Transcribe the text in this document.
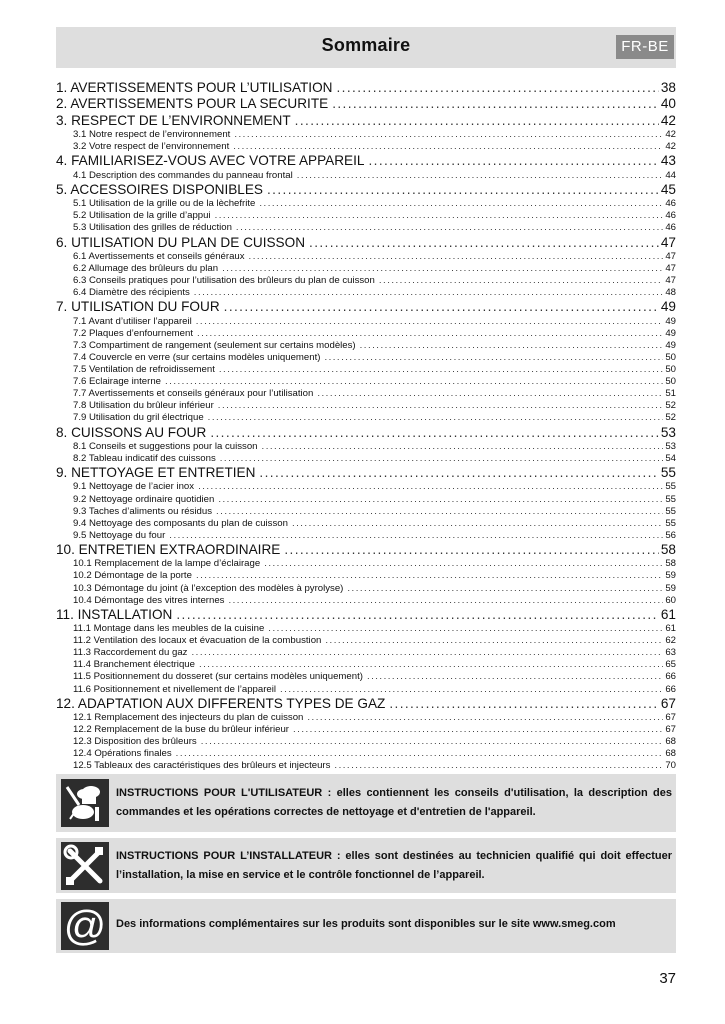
Sommaire	FR-BE
1. AVERTISSEMENTS POUR L’UTILISATION .....	38
2. AVERTISSEMENTS POUR LA SECURITE .....	40
3. RESPECT DE L’ENVIRONNEMENT .....	42
3.1 Notre respect de l’environnement .....	42
3.2 Votre respect de l’environnement .....	42
4. FAMILIARISEZ-VOUS AVEC VOTRE APPAREIL .....	43
4.1 Description des commandes du panneau frontal .....	44
5. ACCESSOIRES DISPONIBLES .....	45
5.1 Utilisation de la grille ou de la lèchefrite .....	46
5.2 Utilisation de la grille d’appui .....	46
5.3 Utilisation des grilles de réduction .....	46
6. UTILISATION DU PLAN DE CUISSON .....	47
6.1 Avertissements et conseils généraux .....	47
6.2 Allumage des brûleurs du plan .....	47
6.3 Conseils pratiques pour l’utilisation des brûleurs du plan de cuisson .....	47
6.4 Diamètre des récipients .....	48
7. UTILISATION DU FOUR .....	49
7.1 Avant d’utiliser l’appareil .....	49
7.2 Plaques d’enfournement .....	49
7.3 Compartiment de rangement (seulement sur certains modèles) .....	49
7.4 Couvercle en verre (sur certains modèles uniquement) .....	50
7.5 Ventilation de refroidissement .....	50
7.6 Eclairage interne .....	50
7.7 Avertissements et conseils généraux pour l’utilisation .....	51
7.8 Utilisation du brûleur inférieur .....	52
7.9 Utilisation du gril électrique .....	52
8. CUISSONS AU FOUR .....	53
8.1 Conseils et suggestions pour la cuisson .....	53
8.2 Tableau indicatif des cuissons .....	54
9. NETTOYAGE ET ENTRETIEN .....	55
9.1 Nettoyage de l’acier inox .....	55
9.2 Nettoyage ordinaire quotidien .....	55
9.3 Taches d’aliments ou résidus .....	55
9.4 Nettoyage des composants du plan de cuisson .....	55
9.5 Nettoyage du four .....	56
10. ENTRETIEN EXTRAORDINAIRE .....	58
10.1 Remplacement de la lampe d’éclairage .....	58
10.2 Démontage de la porte .....	59
10.3 Démontage du joint (à l’exception des modèles à pyrolyse) .....	59
10.4 Démontage des vitres internes .....	60
11. INSTALLATION .....	61
11.1 Montage dans les meubles de la cuisine .....	61
11.2 Ventilation des locaux et évacuation de la combustion .....	62
11.3 Raccordement du gaz .....	63
11.4 Branchement électrique .....	65
11.5 Positionnement du dosseret (sur certains modèles uniquement) .....	66
11.6 Positionnement et nivellement de l’appareil .....	66
12. ADAPTATION AUX DIFFERENTS TYPES DE GAZ .....	67
12.1 Remplacement des injecteurs du plan de cuisson .....	67
12.2 Remplacement de la buse du brûleur inférieur .....	67
12.3 Disposition des brûleurs .....	68
12.4 Opérations finales .....	68
12.5 Tableaux des caractéristiques des brûleurs et injecteurs .....	70
INSTRUCTIONS POUR L'UTILISATEUR : elles contiennent les conseils d'utilisation, la description des commandes et les opérations correctes de nettoyage et d'entretien de l'appareil.
INSTRUCTIONS POUR L’INSTALLATEUR : elles sont destinées au technicien qualifié qui doit effectuer l’installation, la mise en service et le contrôle fonctionnel de l’appareil.
@ Des informations complémentaires sur les produits sont disponibles sur le site www.smeg.com
37
